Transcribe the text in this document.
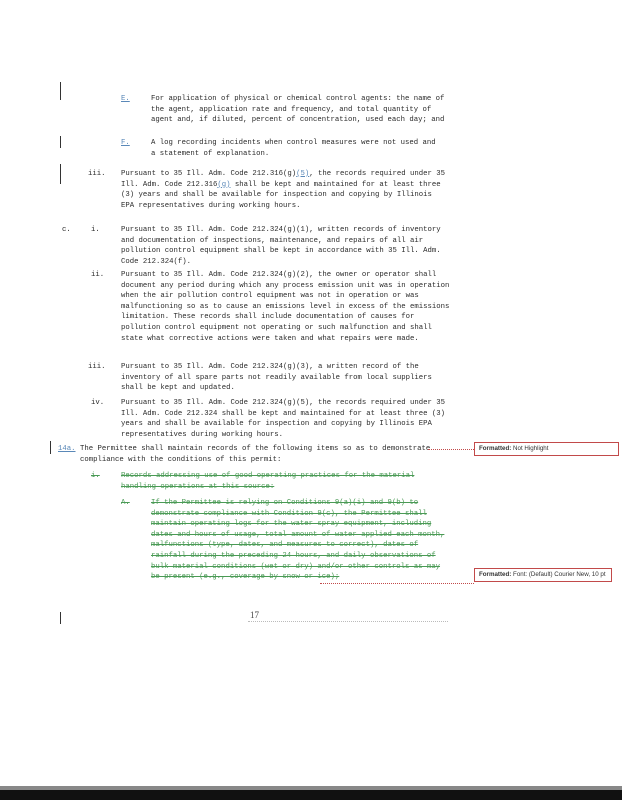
E.	For application of physical or chemical control agents: the name of the agent, application rate and frequency, and total quantity of agent and, if diluted, percent of concentration, used each day; and
F.	A log recording incidents when control measures were not used and a statement of explanation.
iii. Pursuant to 35 Ill. Adm. Code 212.316(g)(5), the records required under 35 Ill. Adm. Code 212.316(g) shall be kept and maintained for at least three (3) years and shall be available for inspection and copying by Illinois EPA representatives during working hours.
c.	i.	Pursuant to 35 Ill. Adm. Code 212.324(g)(1), written records of inventory and documentation of inspections, maintenance, and repairs of all air pollution control equipment shall be kept in accordance with 35 Ill. Adm. Code 212.324(f).
ii. Pursuant to 35 Ill. Adm. Code 212.324(g)(2), the owner or operator shall document any period during which any process emission unit was in operation when the air pollution control equipment was not in operation or was malfunctioning so as to cause an emissions level in excess of the emissions limitation. These records shall include documentation of causes for pollution control equipment not operating or such malfunction and shall state what corrective actions were taken and what repairs were made.
iii. Pursuant to 35 Ill. Adm. Code 212.324(g)(3), a written record of the inventory of all spare parts not readily available from local suppliers shall be kept and updated.
iv. Pursuant to 35 Ill. Adm. Code 212.324(g)(5), the records required under 35 Ill. Adm. Code 212.324 shall be kept and maintained for at least three (3) years and shall be available for inspection and copying by Illinois EPA representatives during working hours.
14a. The Permittee shall maintain records of the following items so as to demonstrate compliance with the conditions of this permit:
i.	Records addressing use of good operating practices for the material handling operations at this source:
A.	If the Permittee is relying on Conditions 9(a)(i) and 9(b) to demonstrate compliance with Condition 9(c), the Permittee shall maintain operating logs for the water spray equipment, including dates and hours of usage, total amount of water applied each month, malfunctions (type, dates, and measures to correct), dates of rainfall during the preceding 24 hours, and daily observations of bulk material conditions (wet or dry) and/or other controls as may be present (e.g., coverage by snow or ice);
Formatted: Not Highlight
Formatted: Font: (Default) Courier New, 10 pt
17
